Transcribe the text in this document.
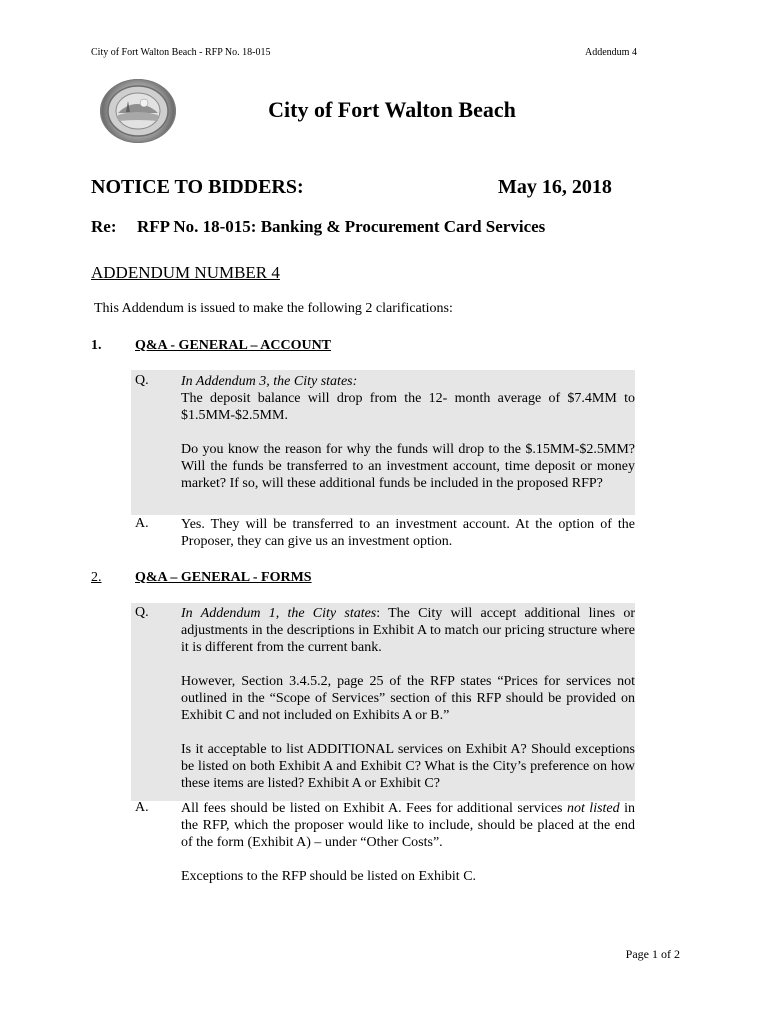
City of Fort Walton Beach - RFP No. 18-015	Addendum 4
City of Fort Walton Beach
NOTICE TO BIDDERS:	May 16, 2018
Re: RFP No. 18-015: Banking & Procurement Card Services
ADDENDUM NUMBER 4
This Addendum is issued to make the following 2 clarifications:
1. Q&A - GENERAL – ACCOUNT
Q. In Addendum 3, the City states:
The deposit balance will drop from the 12- month average of $7.4MM to $1.5MM-$2.5MM.

Do you know the reason for why the funds will drop to the $.15MM-$2.5MM? Will the funds be transferred to an investment account, time deposit or money market? If so, will these additional funds be included in the proposed RFP?

A. Yes. They will be transferred to an investment account. At the option of the Proposer, they can give us an investment option.

2. Q&A – GENERAL - FORMS
Q. In Addendum 1, the City states: The City will accept additional lines or adjustments in the descriptions in Exhibit A to match our pricing structure where it is different from the current bank.

However, Section 3.4.5.2, page 25 of the RFP states “Prices for services not outlined in the “Scope of Services” section of this RFP should be provided on Exhibit C and not included on Exhibits A or B.”

Is it acceptable to list ADDITIONAL services on Exhibit A? Should exceptions be listed on both Exhibit A and Exhibit C? What is the City’s preference on how these items are listed? Exhibit A or Exhibit C?

A. All fees should be listed on Exhibit A. Fees for additional services not listed in the RFP, which the proposer would like to include, should be placed at the end of the form (Exhibit A) – under “Other Costs”.

Exceptions to the RFP should be listed on Exhibit C.

Page 1 of 2
